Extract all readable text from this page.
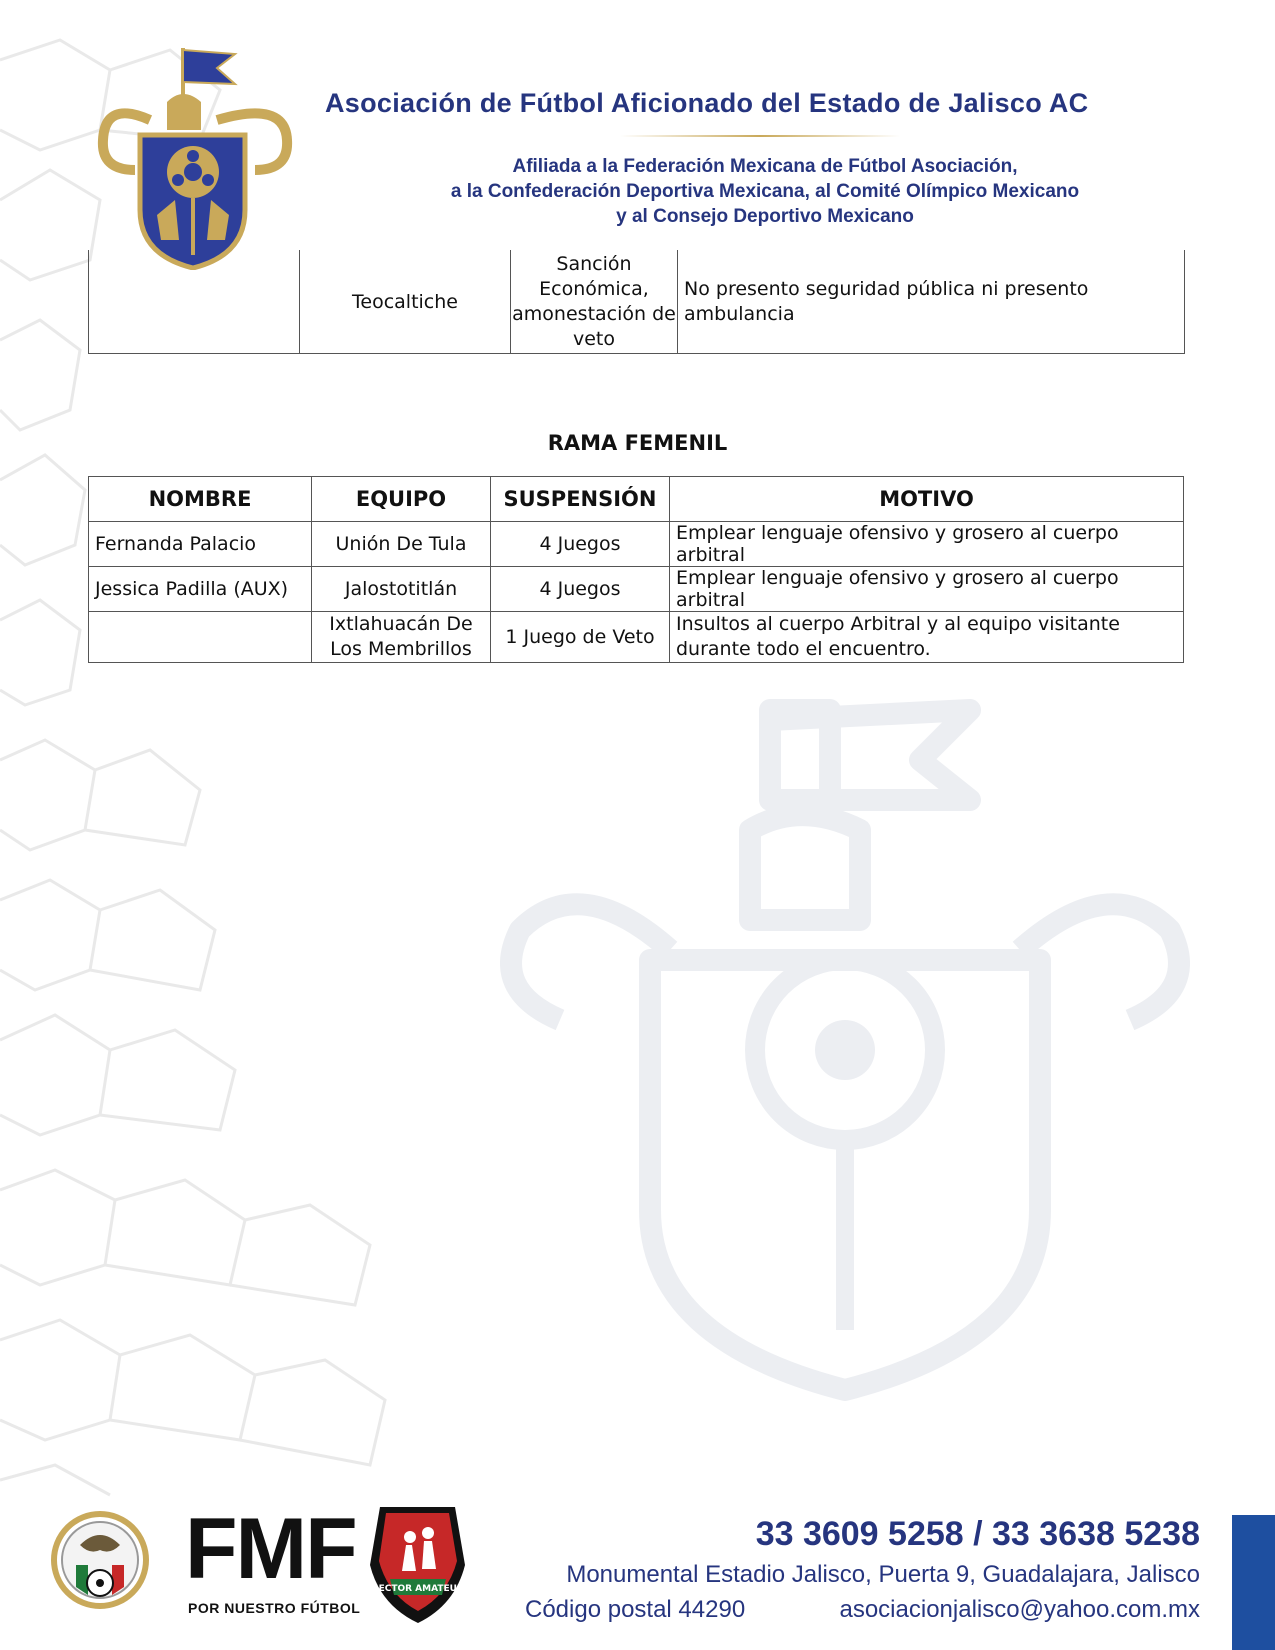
Asociación de Fútbol Aficionado del Estado de Jalisco AC
Afiliada a la Federación Mexicana de Fútbol Asociación,
a la Confederación Deportiva Mexicana, al Comité Olímpico Mexicano
y al Consejo Deportivo Mexicano
	Teocaltiche	Sanción Económica, amonestación de veto	No presento seguridad pública ni presento ambulancia
RAMA FEMENIL
NOMBRE	EQUIPO	SUSPENSIÓN	MOTIVO
Fernanda Palacio	Unión De Tula	4 Juegos	Emplear lenguaje ofensivo y grosero al cuerpo arbitral
Jessica Padilla (AUX)	Jalostotitlán	4 Juegos	Emplear lenguaje ofensivo y grosero al cuerpo arbitral
	Ixtlahuacán De Los Membrillos	1 Juego de Veto	Insultos al cuerpo Arbitral y al equipo visitante durante todo el encuentro.
SECTOR AMATEUR
FMF
POR NUESTRO FÚTBOL
33 3609 5258 / 33 3638 5238
Monumental Estadio Jalisco, Puerta 9, Guadalajara, Jalisco
Código postal 44290	asociacionjalisco@yahoo.com.mx
